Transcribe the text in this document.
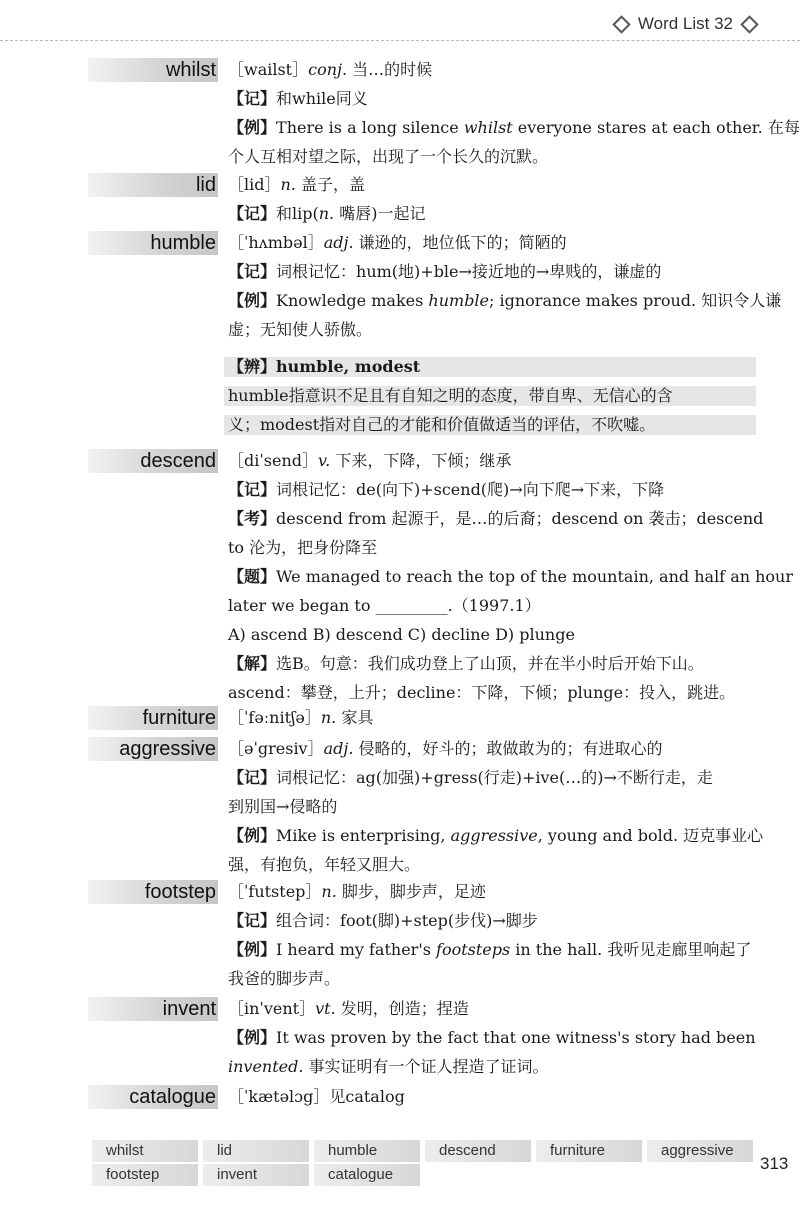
Word List 32
whilst ［wailst］conj. 当…的时候
【记】和while同义
【例】There is a long silence whilst everyone stares at each other. 在每
个人互相对望之际，出现了一个长久的沉默。
lid ［lid］n. 盖子，盖
【记】和lip(n. 嘴唇)一起记
humble ［ˈhʌmbəl］adj. 谦逊的，地位低下的；简陋的
【记】词根记忆：hum(地)+ble→接近地的→卑贱的，谦虚的
【例】Knowledge makes humble; ignorance makes proud. 知识令人谦
虚；无知使人骄傲。
【辨】humble, modest
humble指意识不足且有自知之明的态度，带自卑、无信心的含
义；modest指对自己的才能和价值做适当的评估，不吹嘘。
descend ［diˈsend］v. 下来，下降，下倾；继承
【记】词根记忆：de(向下)+scend(爬)→向下爬→下来，下降
【考】descend from 起源于，是…的后裔；descend on 袭击；descend
to 沦为，把身份降至
【题】We managed to reach the top of the mountain, and half an hour
later we began to _________.（1997.1）
A) ascend B) descend C) decline D) plunge
【解】选B。句意：我们成功登上了山顶，并在半小时后开始下山。
ascend：攀登，上升；decline：下降，下倾；plunge：投入，跳进。
furniture ［ˈfəːnitʃə］n. 家具
aggressive ［əˈgresiv］adj. 侵略的，好斗的；敢做敢为的；有进取心的
【记】词根记忆：ag(加强)+gress(行走)+ive(…的)→不断行走，走
到别国→侵略的
【例】Mike is enterprising, aggressive, young and bold. 迈克事业心
强，有抱负，年轻又胆大。
footstep ［ˈfutstep］n. 脚步，脚步声，足迹
【记】组合词：foot(脚)+step(步伐)→脚步
【例】I heard my father's footsteps in the hall. 我听见走廊里响起了
我爸的脚步声。
invent ［inˈvent］vt. 发明，创造；捏造
【例】It was proven by the fact that one witness's story had been
invented. 事实证明有一个证人捏造了证词。
catalogue ［ˈkætəlɔg］见catalog
whilst	lid	humble	descend	furniture	aggressive
footstep	invent	catalogue
313
